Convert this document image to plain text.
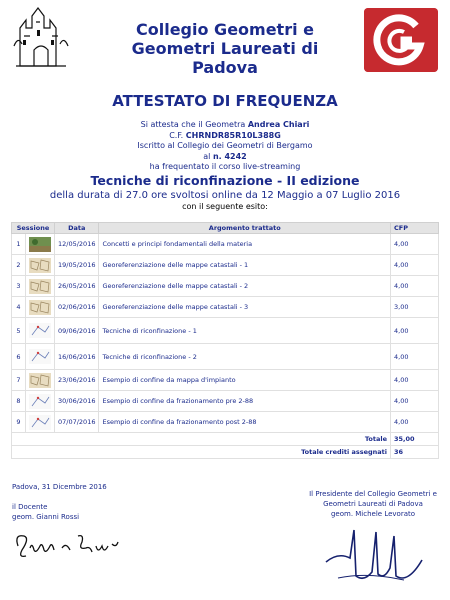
Collegio Geometri e
Geometri Laureati di Padova
ATTESTATO DI FREQUENZA
Si attesta che il Geometra Andrea Chiari
C.F. CHRNDR85R10L388G
Iscritto al Collegio dei Geometri di Bergamo
al n. 4242
ha frequentato il corso live-streaming
Tecniche di riconfinazione - II edizione
della durata di 27.0 ore svoltosi online da 12 Maggio a 07 Luglio 2016
con il seguente esito:
Sessione		Data	Argomento trattato	CFP
1		12/05/2016	Concetti e principi fondamentali della materia	4,00
2		19/05/2016	Georeferenziazione delle mappe catastali - 1	4,00
3		26/05/2016	Georeferenziazione delle mappe catastali - 2	4,00
4		02/06/2016	Georeferenziazione delle mappe catastali - 3	3,00
5		09/06/2016	Tecniche di riconfinazione - 1	4,00
6		16/06/2016	Tecniche di riconfinazione - 2	4,00
7		23/06/2016	Esempio di confine da mappa d'impianto	4,00
8		30/06/2016	Esempio di confine da frazionamento pre 2-88	4,00
9		07/07/2016	Esempio di confine da frazionamento post 2-88	4,00
Totale				35,00
Totale crediti assegnati				36
Padova, 31 Dicembre 2016
il Docente
geom. Gianni Rossi
Il Presidente del Collegio Geometri e
Geometri Laureati di Padova
geom. Michele Levorato
